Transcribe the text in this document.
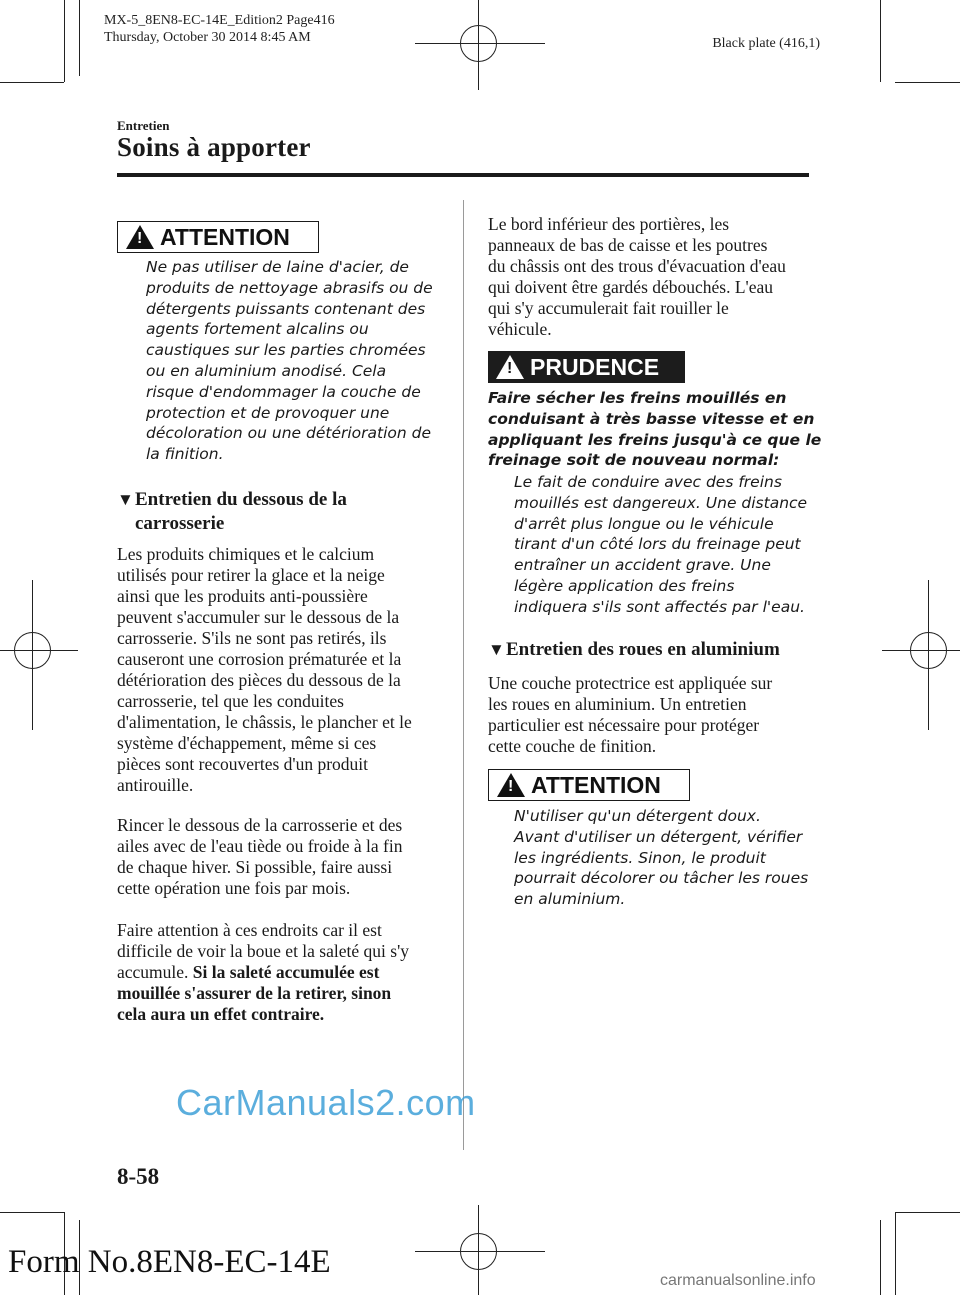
MX-5_8EN8-EC-14E_Edition2 Page416
Thursday, October 30 2014 8:45 AM	Black plate (416,1)
Entretien
Soins à apporter
!
ATTENTION
Ne pas utiliser de laine d'acier, de
produits de nettoyage abrasifs ou de
détergents puissants contenant des
agents fortement alcalins ou
caustiques sur les parties chromées
ou en aluminium anodisé. Cela
risque d'endommager la couche de
protection et de provoquer une
décoloration ou une détérioration de
la finition.
▼Entretien du dessous de la
carrosserie
Les produits chimiques et le calcium
utilisés pour retirer la glace et la neige
ainsi que les produits anti-poussière
peuvent s'accumuler sur le dessous de la
carrosserie. S'ils ne sont pas retirés, ils
causeront une corrosion prématurée et la
détérioration des pièces du dessous de la
carrosserie, tel que les conduites
d'alimentation, le châssis, le plancher et le
système d'échappement, même si ces
pièces sont recouvertes d'un produit
antirouille.
Rincer le dessous de la carrosserie et des
ailes avec de l'eau tiède ou froide à la fin
de chaque hiver. Si possible, faire aussi
cette opération une fois par mois.
Faire attention à ces endroits car il est
difficile de voir la boue et la saleté qui s'y
accumule. Si la saleté accumulée est
mouillée s'assurer de la retirer, sinon
cela aura un effet contraire.
Le bord inférieur des portières, les
panneaux de bas de caisse et les poutres
du châssis ont des trous d'évacuation d'eau
qui doivent être gardés débouchés. L'eau
qui s'y accumulerait fait rouiller le
véhicule.
!
PRUDENCE
Faire sécher les freins mouillés en
conduisant à très basse vitesse et en
appliquant les freins jusqu'à ce que le
freinage soit de nouveau normal:
Le fait de conduire avec des freins
mouillés est dangereux. Une distance
d'arrêt plus longue ou le véhicule
tirant d'un côté lors du freinage peut
entraîner un accident grave. Une
légère application des freins
indiquera s'ils sont affectés par l'eau.
▼Entretien des roues en aluminium
Une couche protectrice est appliquée sur
les roues en aluminium. Un entretien
particulier est nécessaire pour protéger
cette couche de finition.
!
ATTENTION
N'utiliser qu'un détergent doux.
Avant d'utiliser un détergent, vérifier
les ingrédients. Sinon, le produit
pourrait décolorer ou tâcher les roues
en aluminium.
8-58
Form No.8EN8-EC-14E
CarManuals2.com
carmanualsonline.info
